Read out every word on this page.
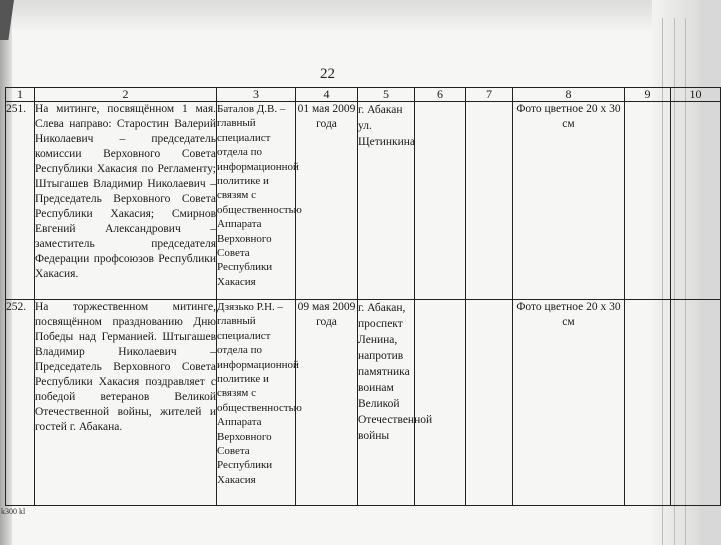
22
1	2	3	4	5	6	7	8	9	10
251.	На митинге, посвящённом 1 мая. Слева направо: Старостин Валерий Николаевич – председатель комиссии Верховного Совета Республики Хакасия по Регламенту; Штыгашев Владимир Николаевич – Председатель Верховного Совета Республики Хакасия; Смирнов Евгений Александрович – заместитель председателя Федерации профсоюзов Республики Хакасия.	Баталов Д.В. – главный специалист отдела по информационной политике и связям с общественностью Аппарата Верховного Совета Республики Хакасия	01 мая 2009 года	г. Абакан ул. Щетинкина			Фото цветное 20 х 30 см		
252.	На торжественном митинге, посвящённом празднованию Дню Победы над Германией. Штыгашев Владимир Николаевич – Председатель Верховного Совета Республики Хакасия поздравляет с победой ветеранов Великой Отечественной войны, жителей и гостей г. Абакана.	Дзязько Р.Н. – главный специалист отдела по информационной политике и связям с общественностью Аппарата Верховного Совета Республики Хакасия	09 мая 2009 года	г. Абакан, проспект Ленина, напротив памятника воинам Великой Отечественной войны			Фото цветное 20 х 30 см		
k300 kl
